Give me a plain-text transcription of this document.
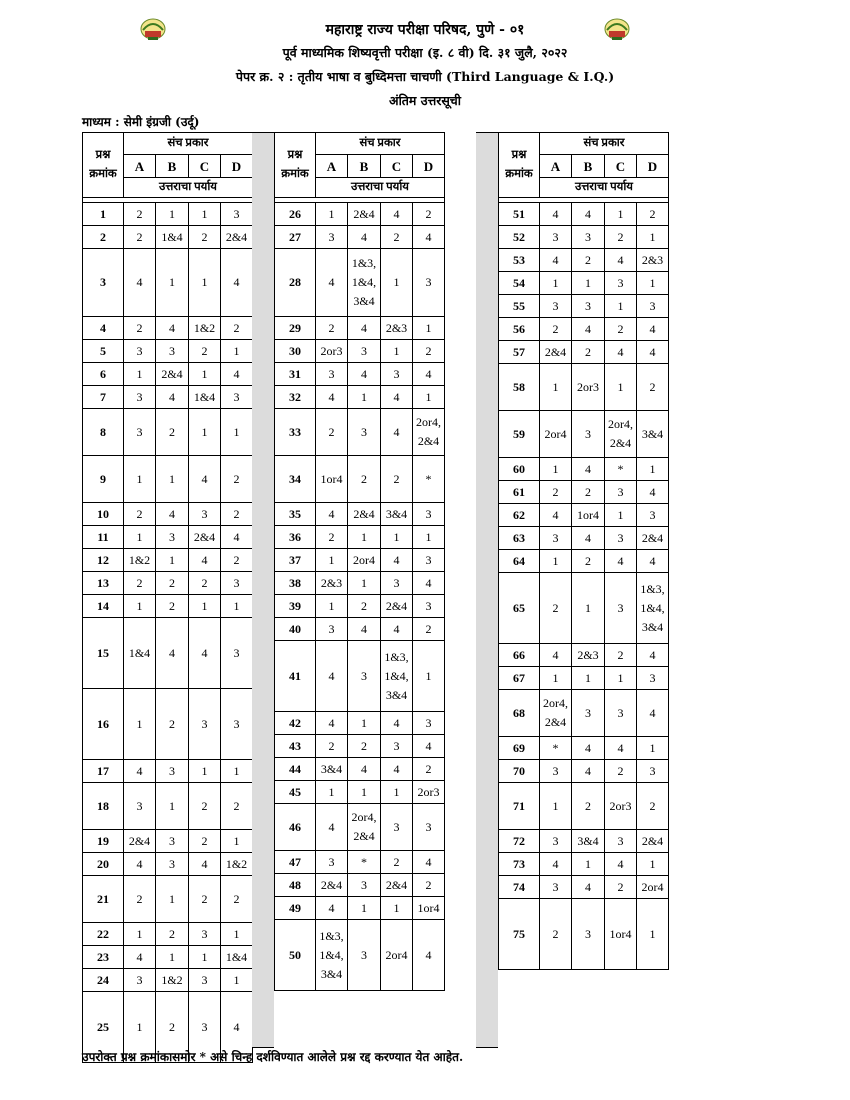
महाराष्ट्र राज्य परीक्षा परिषद, पुणे - ०१
पूर्व माध्यमिक शिष्यवृत्ती परीक्षा (इ. ८ वी) दि. ३१ जुलै, २०२२
पेपर क्र. २ : तृतीय भाषा व बुध्दिमत्ता चाचणी (Third Language & I.Q.)
अंतिम उत्तरसूची
माध्यम : सेमी इंग्रजी (उर्दू)
प्रश्न
क्रमांक	संच प्रकार			
	A	B	C	D
	उत्तराचा पर्याय			

1	2	1	1	3
2	2	1&4	2	2&4
3	4	1	1	4
4	2	4	1&2	2
5	3	3	2	1
6	1	2&4	1	4
7	3	4	1&4	3
8	3	2	1	1
9	1	1	4	2
10	2	4	3	2
11	1	3	2&4	4
12	1&2	1	4	2
13	2	2	2	3
14	1	2	1	1
15	1&4	4	4	3
16	1	2	3	3
17	4	3	1	1
18	3	1	2	2
19	2&4	3	2	1
20	4	3	4	1&2
21	2	1	2	2
22	1	2	3	1
23	4	1	1	1&4
24	3	1&2	3	1
25	1	2	3	4
प्रश्न
क्रमांक	संच प्रकार			
	A	B	C	D
	उत्तराचा पर्याय			

26	1	2&4	4	2
27	3	4	2	4
28	4	1&3, 1&4, 3&4	1	3
29	2	4	2&3	1
30	2or3	3	1	2
31	3	4	3	4
32	4	1	4	1
33	2	3	4	2or4, 2&4
34	1or4	2	2	*
35	4	2&4	3&4	3
36	2	1	1	1
37	1	2or4	4	3
38	2&3	1	3	4
39	1	2	2&4	3
40	3	4	4	2
41	4	3	1&3, 1&4, 3&4	1
42	4	1	4	3
43	2	2	3	4
44	3&4	4	4	2
45	1	1	1	2or3
46	4	2or4, 2&4	3	3
47	3	*	2	4
48	2&4	3	2&4	2
49	4	1	1	1or4
50	1&3, 1&4, 3&4	3	2or4	4
प्रश्न
क्रमांक	संच प्रकार			
	A	B	C	D
	उत्तराचा पर्याय			

51	4	4	1	2
52	3	3	2	1
53	4	2	4	2&3
54	1	1	3	1
55	3	3	1	3
56	2	4	2	4
57	2&4	2	4	4
58	1	2or3	1	2
59	2or4	3	2or4, 2&4	3&4
60	1	4	*	1
61	2	2	3	4
62	4	1or4	1	3
63	3	4	3	2&4
64	1	2	4	4
65	2	1	3	1&3, 1&4, 3&4
66	4	2&3	2	4
67	1	1	1	3
68	2or4, 2&4	3	3	4
69	*	4	4	1
70	3	4	2	3
71	1	2	2or3	2
72	3	3&4	3	2&4
73	4	1	4	1
74	3	4	2	2or4
75	2	3	1or4	1
उपरोक्त प्रश्न क्रमांकासमोर * असे चिन्ह दर्शविण्यात आलेले प्रश्न रद्द करण्यात येत आहेत.
